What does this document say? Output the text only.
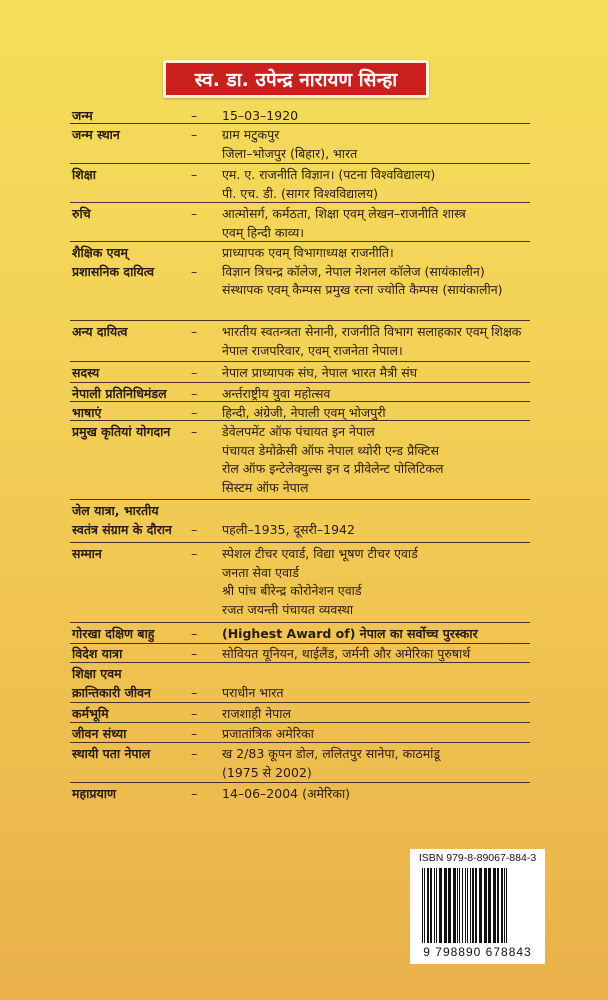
स्व. डा. उपेन्द्र नारायण सिन्हा
जन्म	– 15–03–1920
जन्म स्थान	– ग्राम मटुकपुर
जिला–भोजपुर (बिहार), भारत
शिक्षा	– एम. ए. राजनीति विज्ञान। (पटना विश्वविद्यालय)
पी. एच. डी. (सागर विश्वविद्यालय)
रुचि	– आत्मोसर्ग, कर्मठता, शिक्षा एवम् लेखन–राजनीति शास्त्र
एवम् हिन्दी काव्य।
शैक्षिक एवम्
प्रशासनिक दायित्व	–
प्राध्यापक एवम् विभागाध्यक्ष राजनीति।
विज्ञान त्रिचन्द्र कॉलेज, नेपाल नेशनल कॉलेज (सायंकालीन)
संस्थापक एवम् कैम्पस प्रमुख रत्ना ज्योति कैम्पस (सायंकालीन)
अन्य दायित्व	– भारतीय स्वतन्त्रता सेनानी, राजनीति विभाग सलाहकार एवम् शिक्षक
नेपाल राजपरिवार, एवम् राजनेता नेपाल।
सदस्य	– नेपाल प्राध्यापक संघ, नेपाल भारत मैत्री संघ
नेपाली प्रतिनिधिमंडल – अर्न्तराष्ट्रीय युवा महोत्सव
भाषाएं	– हिन्दी, अंग्रेजी, नेपाली एवम् भोजपुरी
प्रमुख कृतियां योगदान – डेवेलपमेंट ऑफ पंचायत इन नेपाल
पंचायत डेमोक्रेसी ऑफ नेपाल थ्योरी एन्ड प्रैक्टिस
रोल ऑफ इन्टेलेक्युल्स इन द प्रीवेलेन्ट पोलिटिकल
सिस्टम ऑफ नेपाल
जेल यात्रा, भारतीय
स्वतंत्र संग्राम के दौरान – पहली–1935, दूसरी–1942
सम्मान	– स्पेशल टीचर एवार्ड, विद्या भूषण टीचर एवार्ड
जनता सेवा एवार्ड
श्री पांच बीरेन्द्र कोरोनेशन एवार्ड
रजत जयन्ती पंचायत व्यवस्था
गोरखा दक्षिण बाहु	– (Highest Award of) नेपाल का सर्वोच्च पुरस्कार
विदेश यात्रा	– सोवियत यूनियन, थाईलैंड, जर्मनी और अमेरिका पुरुषार्थ
शिक्षा एवम
क्रान्तिकारी जीवन	– पराधीन भारत
कर्मभूमि	– राजशाही नेपाल
जीवन संध्या	– प्रजातांत्रिक अमेरिका
स्थायी पता नेपाल	– ख 2/83 कूपन डोल, ललितपुर सानेपा, काठमांडू
(1975 से 2002)
महाप्रयाण	– 14–06–2004 (अमेरिका)
ISBN 979-8-89067-884-3
9 798890 678843
